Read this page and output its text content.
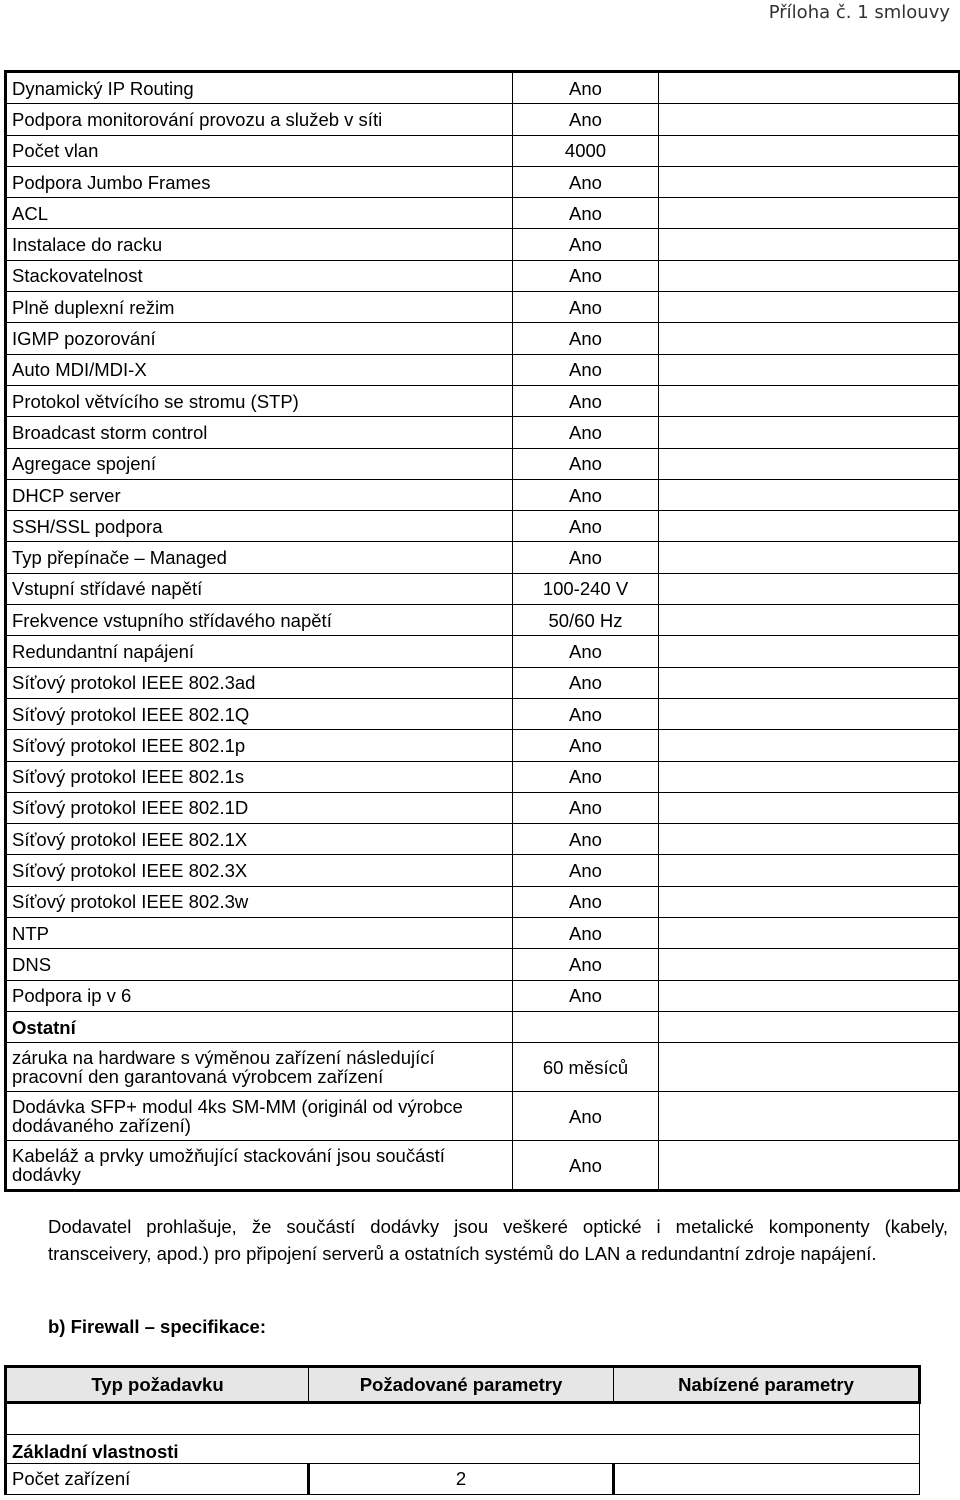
Příloha č. 1 smlouvy
Dynamický IP Routing	Ano	
Podpora monitorování provozu a služeb v síti	Ano	
Počet vlan	4000	
Podpora Jumbo Frames	Ano	
ACL	Ano	
Instalace do racku	Ano	
Stackovatelnost	Ano	
Plně duplexní režim	Ano	
IGMP pozorování	Ano	
Auto MDI/MDI-X	Ano	
Protokol větvícího se stromu (STP)	Ano	
Broadcast storm control	Ano	
Agregace spojení	Ano	
DHCP server	Ano	
SSH/SSL podpora	Ano	
Typ přepínače – Managed	Ano	
Vstupní střídavé napětí	100-240 V	
Frekvence vstupního střídavého napětí	50/60 Hz	
Redundantní napájení	Ano	
Síťový protokol IEEE 802.3ad	Ano	
Síťový protokol IEEE 802.1Q	Ano	
Síťový protokol IEEE 802.1p	Ano	
Síťový protokol IEEE 802.1s	Ano	
Síťový protokol IEEE 802.1D	Ano	
Síťový protokol IEEE 802.1X	Ano	
Síťový protokol IEEE 802.3X	Ano	
Síťový protokol IEEE 802.3w	Ano	
NTP	Ano	
DNS	Ano	
Podpora ip v 6	Ano	
Ostatní		
záruka na hardware s výměnou zařízení následující pracovní den garantovaná výrobcem zařízení	60 měsíců	
Dodávka SFP+ modul 4ks SM-MM (originál od výrobce dodávaného zařízení)	Ano	
Kabeláž a prvky umožňující stackování jsou součástí dodávky	Ano	
Dodavatel prohlašuje, že součástí dodávky jsou veškeré optické i metalické komponenty (kabely, transceivery, apod.) pro připojení serverů a ostatních systémů do LAN a redundantní zdroje napájení.
b) Firewall – specifikace:
Typ požadavku	Požadované parametry	Nabízené parametry

Základní vlastnosti		
Počet zařízení	2	
